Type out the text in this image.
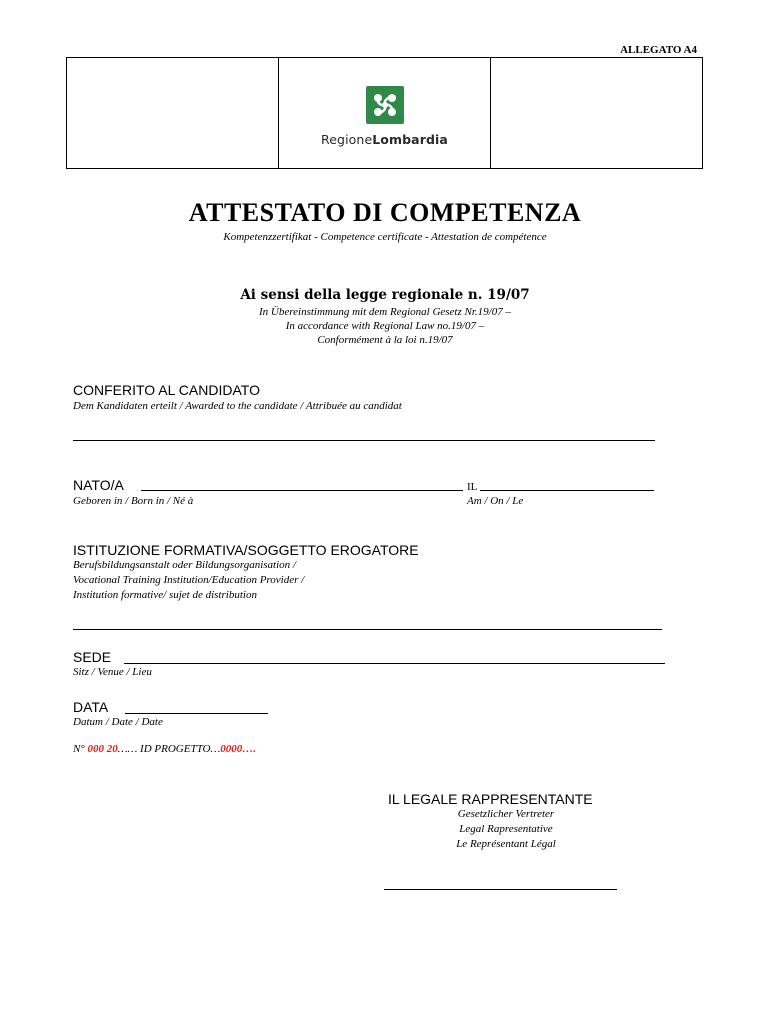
ALLEGATO A4
RegioneLombardia
ATTESTATO DI COMPETENZA
Kompetenzzertifikat - Competence certificate - Attestation de compétence
Ai sensi della legge regionale n. 19/07
In Übereinstimmung mit dem Regional Gesetz Nr.19/07 –
In accordance with Regional Law no.19/07 –
Conformément à la loi n.19/07
CONFERITO AL CANDIDATO
Dem Kandidaten erteilt / Awarded to the candidate / Attribuée au candidat
NATO/A	IL
Geboren in / Born in / Né à	Am / On / Le
ISTITUZIONE FORMATIVA/SOGGETTO EROGATORE
Berufsbildungsanstalt oder Bildungsorganisation /
Vocational Training Institution/Education Provider /
Institution formative/ sujet de distribution
SEDE
Sitz / Venue / Lieu
DATA
Datum / Date / Date
N° 000 20…… ID PROGETTO…0000….
IL LEGALE RAPPRESENTANTE
Gesetzlicher Vertreter
Legal Rapresentative
Le Représentant Légal
